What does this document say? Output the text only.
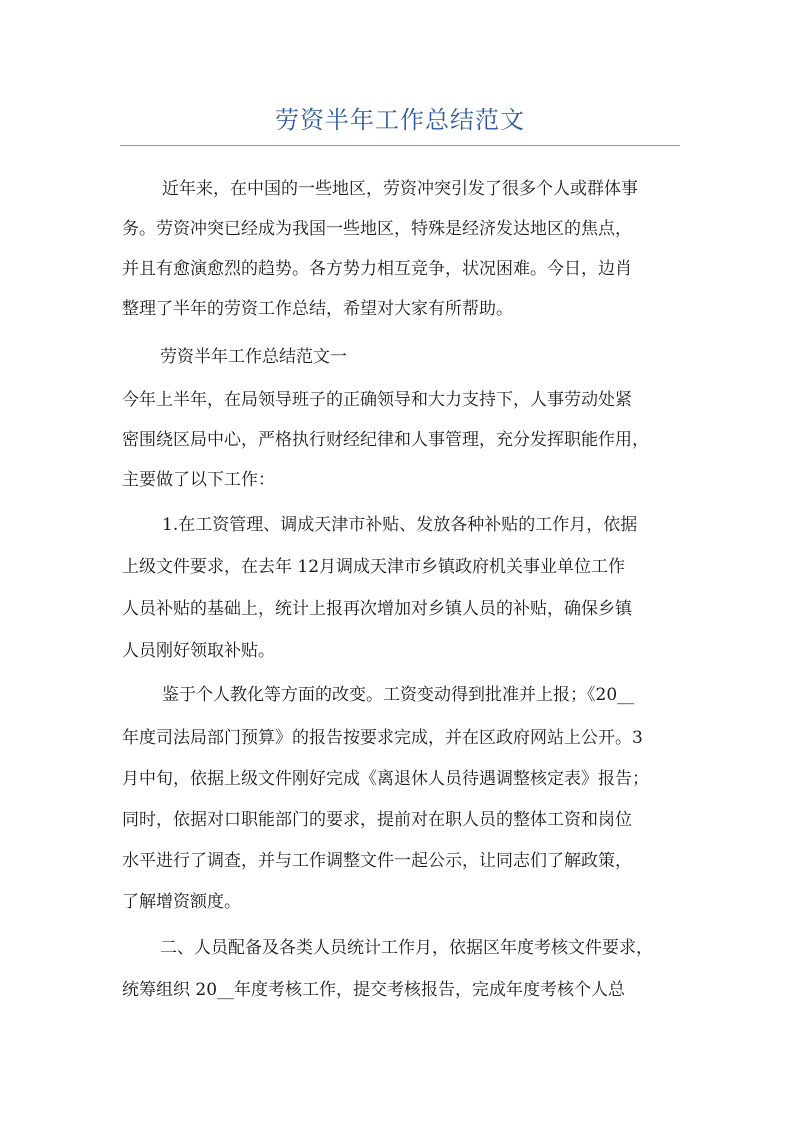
劳资半年工作总结范文
近年来，在中国的一些地区，劳资冲突引发了很多个人或群体事
务。劳资冲突已经成为我国一些地区，特殊是经济发达地区的焦点，
并且有愈演愈烈的趋势。各方势力相互竞争，状况困难。今日，边肖
整理了半年的劳资工作总结，希望对大家有所帮助。
劳资半年工作总结范文一
今年上半年，在局领导班子的正确领导和大力支持下，人事劳动处紧
密围绕区局中心，严格执行财经纪律和人事管理，充分发挥职能作用，
主要做了以下工作：
1.在工资管理、调成天津市补贴、发放各种补贴的工作月，依据
上级文件要求，在去年 12月调成天津市乡镇政府机关事业单位工作
人员补贴的基础上，统计上报再次增加对乡镇人员的补贴，确保乡镇
人员刚好领取补贴。
鉴于个人教化等方面的改变。工资变动得到批准并上报；《20__
年度司法局部门预算》的报告按要求完成，并在区政府网站上公开。3
月中旬，依据上级文件刚好完成《离退休人员待遇调整核定表》报告；
同时，依据对口职能部门的要求，提前对在职人员的整体工资和岗位
水平进行了调查，并与工作调整文件一起公示，让同志们了解政策，
了解增资额度。
二、人员配备及各类人员统计工作月，依据区年度考核文件要求，
统筹组织 20__年度考核工作，提交考核报告，完成年度考核个人总
